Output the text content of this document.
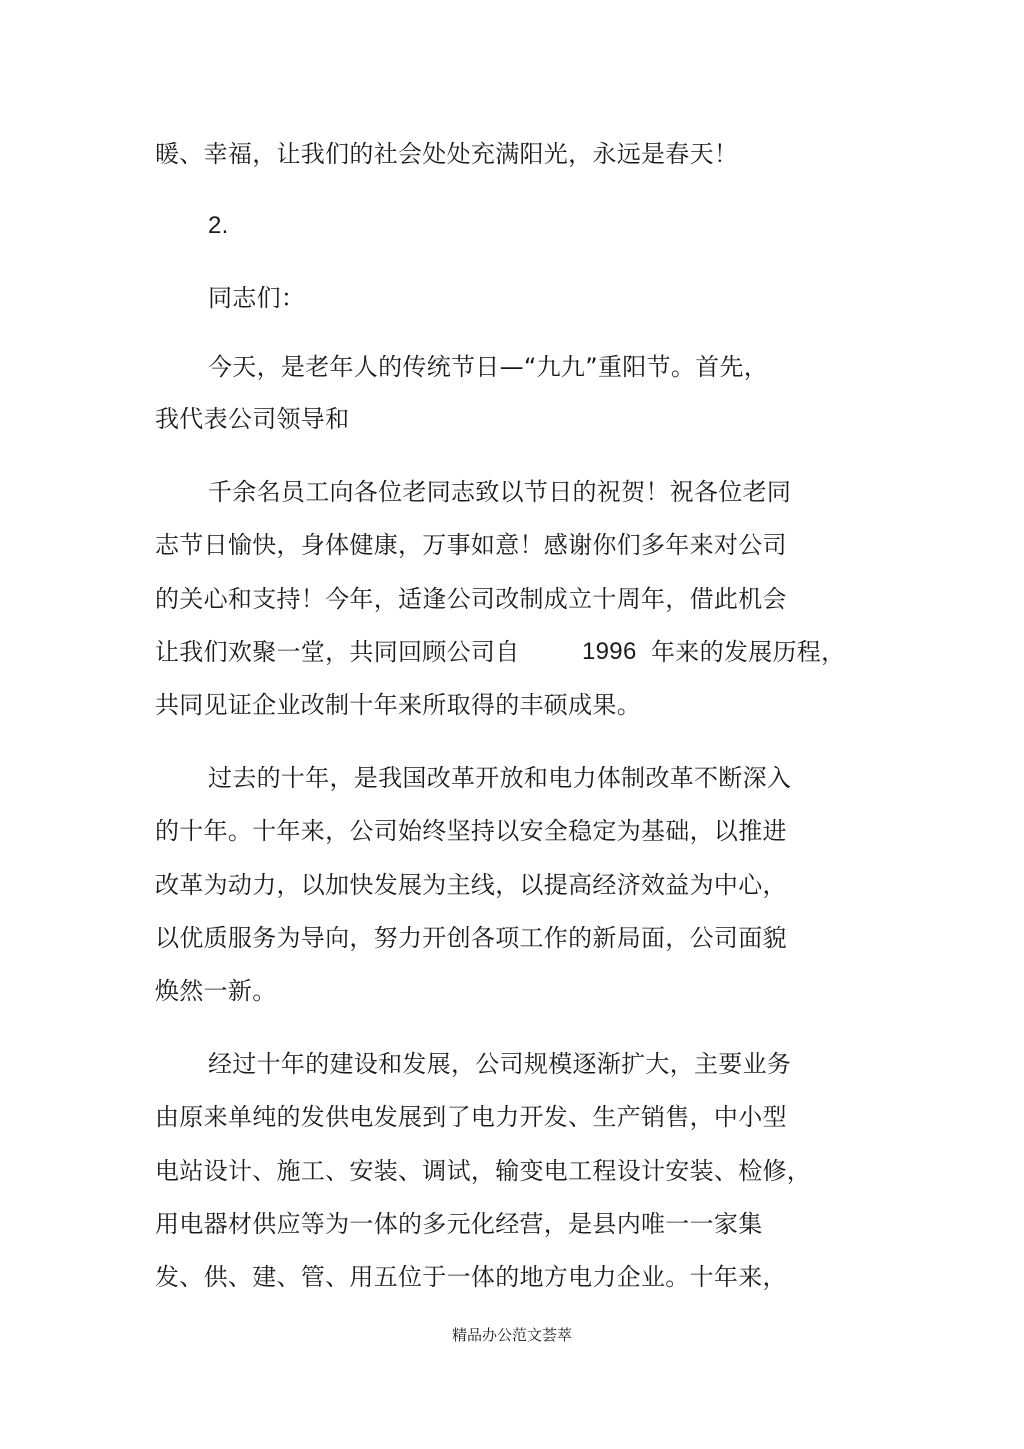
暖、幸福，让我们的社会处处充满阳光，永远是春天！
2.
同志们：
今天，是老年人的传统节日—“九九”重阳节。首先，
我代表公司领导和
千余名员工向各位老同志致以节日的祝贺！祝各位老同
志节日愉快，身体健康，万事如意！感谢你们多年来对公司
的关心和支持！今年，适逢公司改制成立十周年，借此机会
让我们欢聚一堂，共同回顾公司自	1996 年来的发展历程，
共同见证企业改制十年来所取得的丰硕成果。
过去的十年，是我国改革开放和电力体制改革不断深入
的十年。十年来，公司始终坚持以安全稳定为基础，以推进
改革为动力，以加快发展为主线，以提高经济效益为中心，
以优质服务为导向，努力开创各项工作的新局面，公司面貌
焕然一新。
经过十年的建设和发展，公司规模逐渐扩大，主要业务
由原来单纯的发供电发展到了电力开发、生产销售，中小型
电站设计、施工、安装、调试，输变电工程设计安装、检修，
用电器材供应等为一体的多元化经营，是县内唯一一家集
发、供、建、管、用五位于一体的地方电力企业。十年来，
精品办公范文荟萃
